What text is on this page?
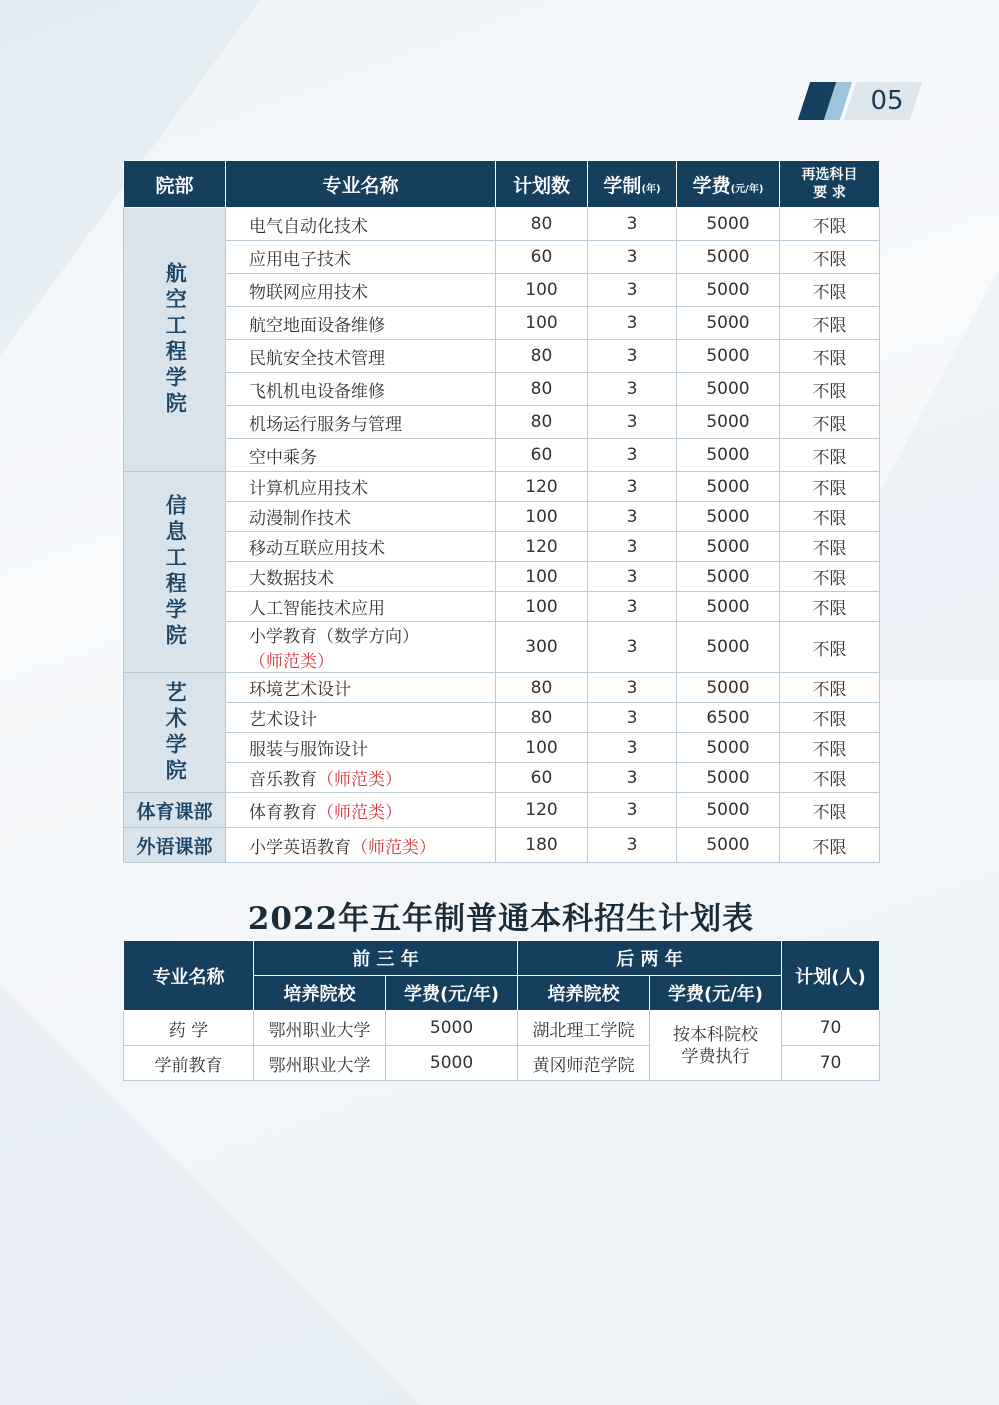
05
院部	专业名称	计划数	学制(年)	学费(元/年)	再选科目
要 求

航空工程学院	电气自动化技术	80	3	5000	不限
	应用电子技术	60	3	5000	不限
	物联网应用技术	100	3	5000	不限
	航空地面设备维修	100	3	5000	不限
	民航安全技术管理	80	3	5000	不限
	飞机机电设备维修	80	3	5000	不限
	机场运行服务与管理	80	3	5000	不限
	空中乘务	60	3	5000	不限
信息工程学院	计算机应用技术	120	3	5000	不限
	动漫制作技术	100	3	5000	不限
	移动互联应用技术	120	3	5000	不限
	大数据技术	100	3	5000	不限
	人工智能技术应用	100	3	5000	不限
	小学教育（数学方向）（师范类）	300	3	5000	不限
艺术学院	环境艺术设计	80	3	5000	不限
	艺术设计	80	3	6500	不限
	服装与服饰设计	100	3	5000	不限
	音乐教育（师范类）	60	3	5000	不限
体育课部	体育教育（师范类）	120	3	5000	不限
外语课部	小学英语教育（师范类）	180	3	5000	不限
2022年五年制普通本科招生计划表
专业名称	前 三 年		后 两 年		计划(人)
	培养院校	学费(元/年)	培养院校	学费(元/年)	
药 学	鄂州职业大学	5000	湖北理工学院	按本科院校学费执行	70
学前教育	鄂州职业大学	5000	黄冈师范学院		70
